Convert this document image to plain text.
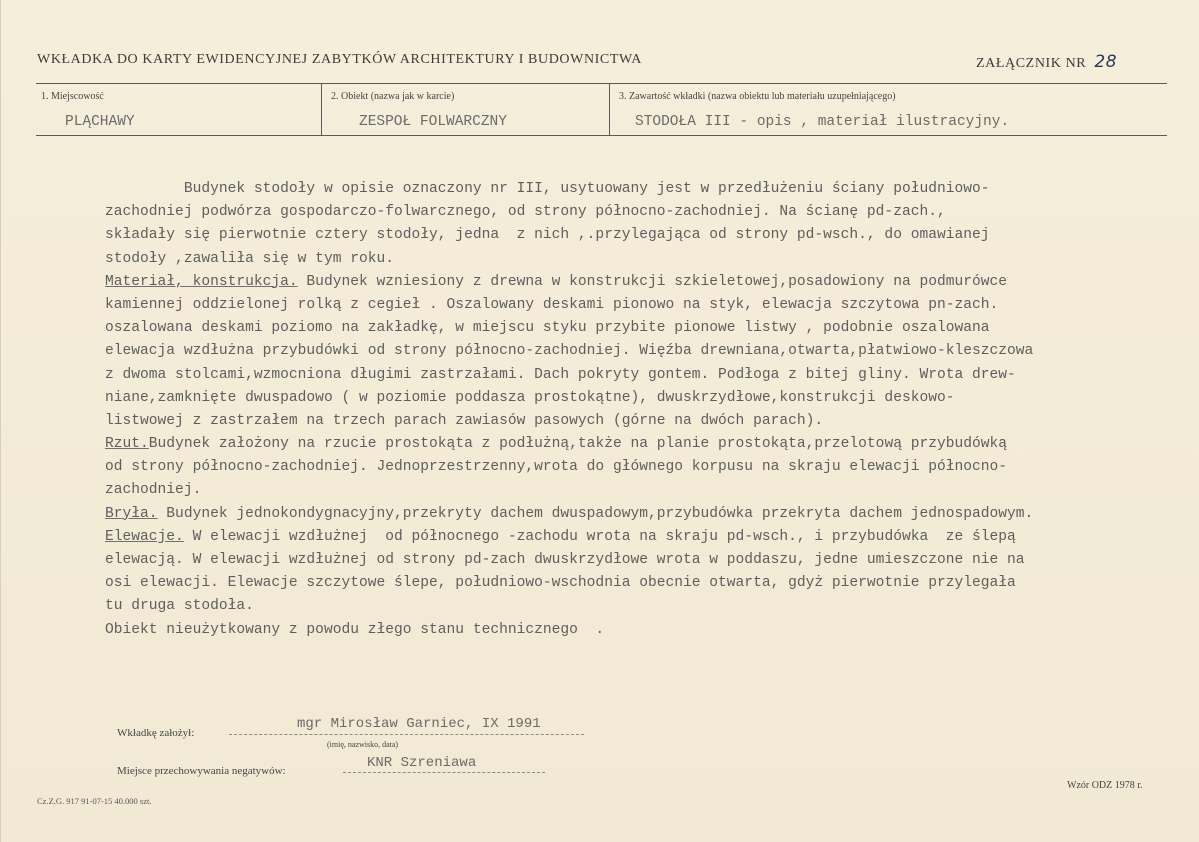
WKŁADKA DO KARTY EWIDENCYJNEJ ZABYTKÓW ARCHITEKTURY I BUDOWNICTWA	ZAŁĄCZNIK NR 28
1. Miejscowość
PLĄCHAWY
2. Obiekt (nazwa jak w karcie)
ZESPOŁ FOLWARCZNY
3. Zawartość wkładki (nazwa obiektu lub materiału uzupełniającego)
STODOŁA III - opis , materiał ilustracyjny.
Budynek stodoły w opisie oznaczony nr III, usytuowany jest w przedłużeniu ściany południowo-
zachodniej podwórza gospodarczo-folwarcznego, od strony północno-zachodniej. Na ścianę pd-zach.,
składały się pierwotnie cztery stodoły, jedna  z nich ,.przylegająca od strony pd-wsch., do omawianej
stodoły ,zawaliła się w tym roku.
Materiał, konstrukcja. Budynek wzniesiony z drewna w konstrukcji szkieletowej,posadowiony na podmurówce
kamiennej oddzielonej rolką z cegieł . Oszalowany deskami pionowo na styk, elewacja szczytowa pn-zach.
oszalowana deskami poziomo na zakładkę, w miejscu styku przybite pionowe listwy , podobnie oszalowana
elewacja wzdłużna przybudówki od strony północno-zachodniej. Więźba drewniana,otwarta,płatwiowo-kleszczowa
z dwoma stolcami,wzmocniona długimi zastrzałami. Dach pokryty gontem. Podłoga z bitej gliny. Wrota drew-
niane,zamknięte dwuspadowo ( w poziomie poddasza prostokątne), dwuskrzydłowe,konstrukcji deskowo-
listwowej z zastrzałem na trzech parach zawiasów pasowych (górne na dwóch parach).
Rzut.Budynek założony na rzucie prostokąta z podłużną,także na planie prostokąta,przelotową przybudówką
od strony północno-zachodniej. Jednoprzestrzenny,wrota do głównego korpusu na skraju elewacji północno-
zachodniej.
Bryła. Budynek jednokondygnacyjny,przekryty dachem dwuspadowym,przybudówka przekryta dachem jednospadowym.
Elewacje. W elewacji wzdłużnej  od północnego -zachodu wrota na skraju pd-wsch., i przybudówka  ze ślepą
elewacją. W elewacji wzdłużnej od strony pd-zach dwuskrzydłowe wrota w poddaszu, jedne umieszczone nie na
osi elewacji. Elewacje szczytowe ślepe, południowo-wschodnia obecnie otwarta, gdyż pierwotnie przylegała
tu druga stodoła.
Obiekt nieużytkowany z powodu złego stanu technicznego  .
Wkładkę założył:
mgr Mirosław Garniec, IX 1991
(imię, nazwisko, data)
Miejsce przechowywania negatywów:	KNR Szreniawa
Cz.Z.G. 917 91-07-15 40.000 szt.
Wzór ODZ 1978 r.
